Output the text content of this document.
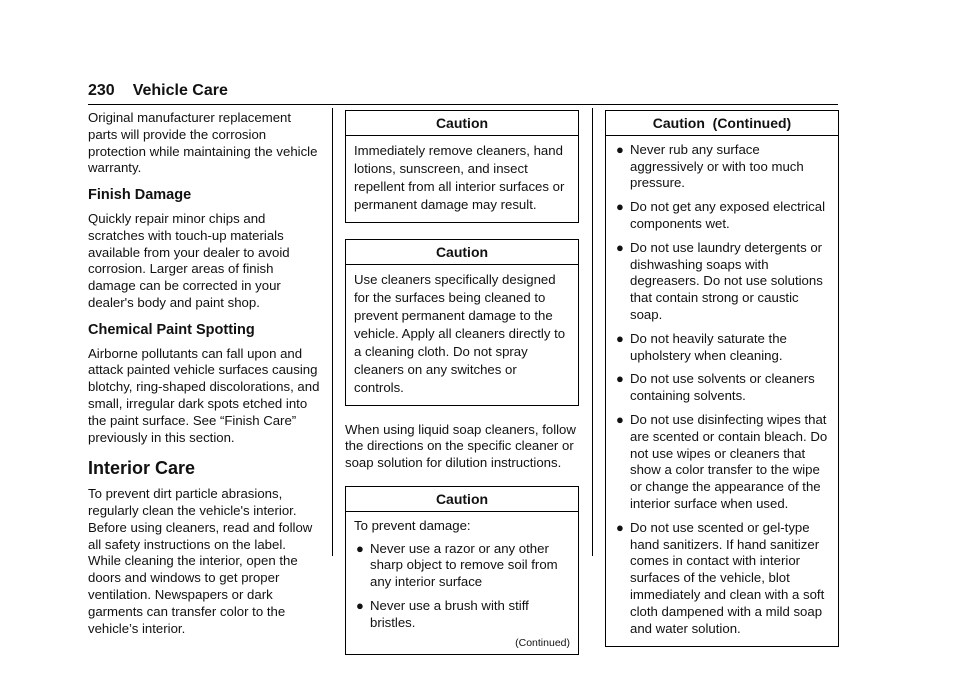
230 Vehicle Care

Original manufacturer replacement parts will provide the corrosion protection while maintaining the vehicle warranty.

Finish Damage

Quickly repair minor chips and scratches with touch-up materials available from your dealer to avoid corrosion. Larger areas of finish damage can be corrected in your dealer's body and paint shop.

Chemical Paint Spotting

Airborne pollutants can fall upon and attack painted vehicle surfaces causing blotchy, ring-shaped discolorations, and small, irregular dark spots etched into the paint surface. See “Finish Care” previously in this section.

Interior Care

To prevent dirt particle abrasions, regularly clean the vehicle's interior. Before using cleaners, read and follow all safety instructions on the label. While cleaning the interior, open the doors and windows to get proper ventilation. Newspapers or dark garments can transfer color to the vehicle’s interior.

Caution

Immediately remove cleaners, hand lotions, sunscreen, and insect repellent from all interior surfaces or permanent damage may result.

Caution

Use cleaners specifically designed for the surfaces being cleaned to prevent permanent damage to the vehicle. Apply all cleaners directly to a cleaning cloth. Do not spray cleaners on any switches or controls.

When using liquid soap cleaners, follow the directions on the specific cleaner or soap solution for dilution instructions.

Caution

To prevent damage:

● Never use a razor or any other sharp object to remove soil from any interior surface
● Never use a brush with stiff bristles.
(Continued)
Caution  (Continued)
● Never rub any surface aggressively or with too much pressure.
● Do not get any exposed electrical components wet.
● Do not use laundry detergents or dishwashing soaps with degreasers. Do not use solutions that contain strong or caustic soap.
● Do not heavily saturate the upholstery when cleaning.
● Do not use solvents or cleaners containing solvents.
● Do not use disinfecting wipes that are scented or contain bleach. Do not use wipes or cleaners that show a color transfer to the wipe or change the appearance of the interior surface when used.
● Do not use scented or gel-type hand sanitizers. If hand sanitizer comes in contact with interior surfaces of the vehicle, blot immediately and clean with a soft cloth dampened with a mild soap and water solution.
